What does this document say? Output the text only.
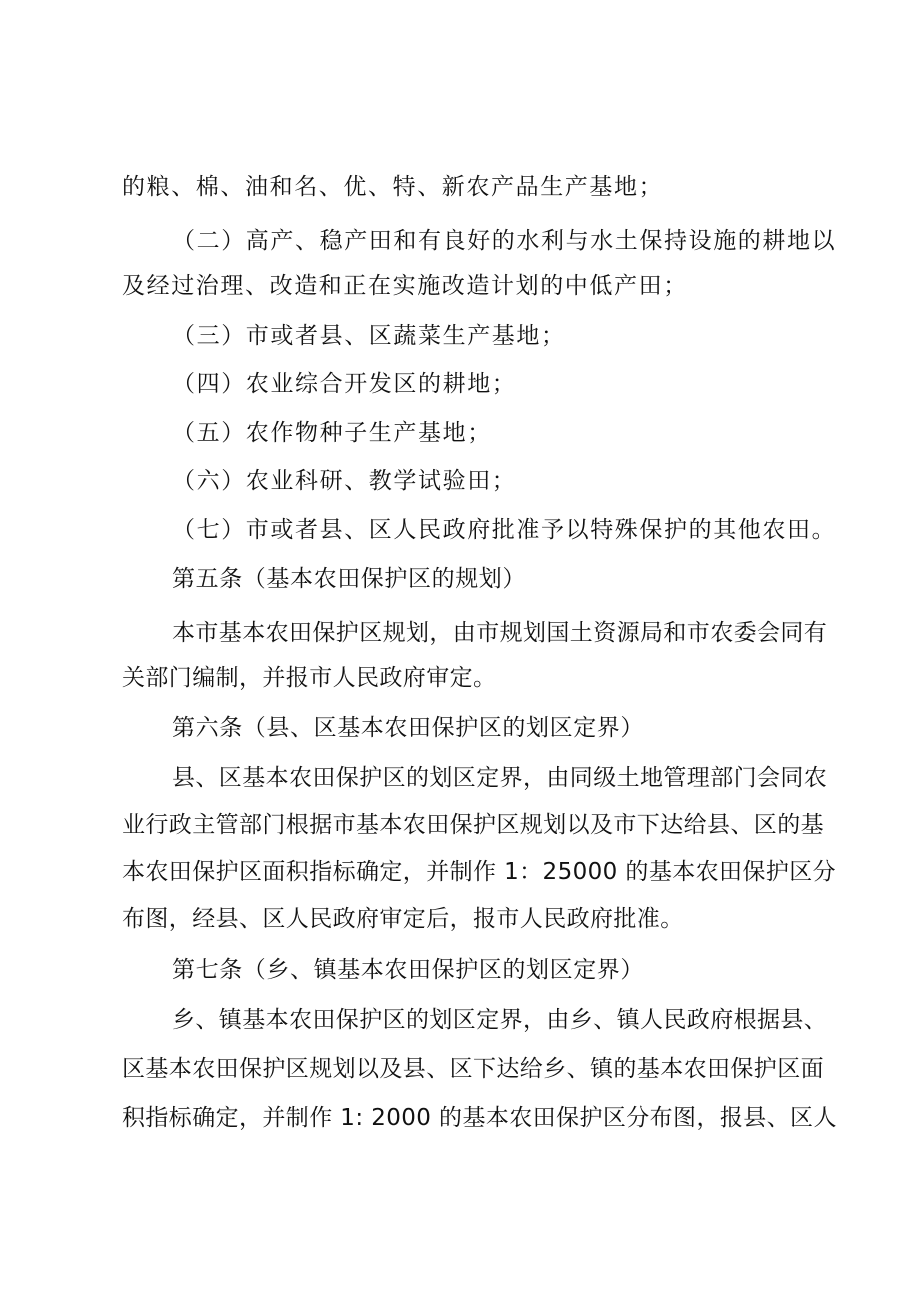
的粮、棉、油和名、优、特、新农产品生产基地；
（二）高产、稳产田和有良好的水利与水土保持设施的耕地以
及经过治理、改造和正在实施改造计划的中低产田；
（三）市或者县、区蔬菜生产基地；
（四）农业综合开发区的耕地；
（五）农作物种子生产基地；
（六）农业科研、教学试验田；
（七）市或者县、区人民政府批准予以特殊保护的其他农田。
第五条（基本农田保护区的规划）
本市基本农田保护区规划，由市规划国土资源局和市农委会同有
关部门编制，并报市人民政府审定。
第六条（县、区基本农田保护区的划区定界）
县、区基本农田保护区的划区定界，由同级土地管理部门会同农
业行政主管部门根据市基本农田保护区规划以及市下达给县、区的基
本农田保护区面积指标确定，并制作 1：25000 的基本农田保护区分
布图，经县、区人民政府审定后，报市人民政府批准。
第七条（乡、镇基本农田保护区的划区定界）
乡、镇基本农田保护区的划区定界，由乡、镇人民政府根据县、
区基本农田保护区规划以及县、区下达给乡、镇的基本农田保护区面
积指标确定，并制作 1: 2000 的基本农田保护区分布图，报县、区人
